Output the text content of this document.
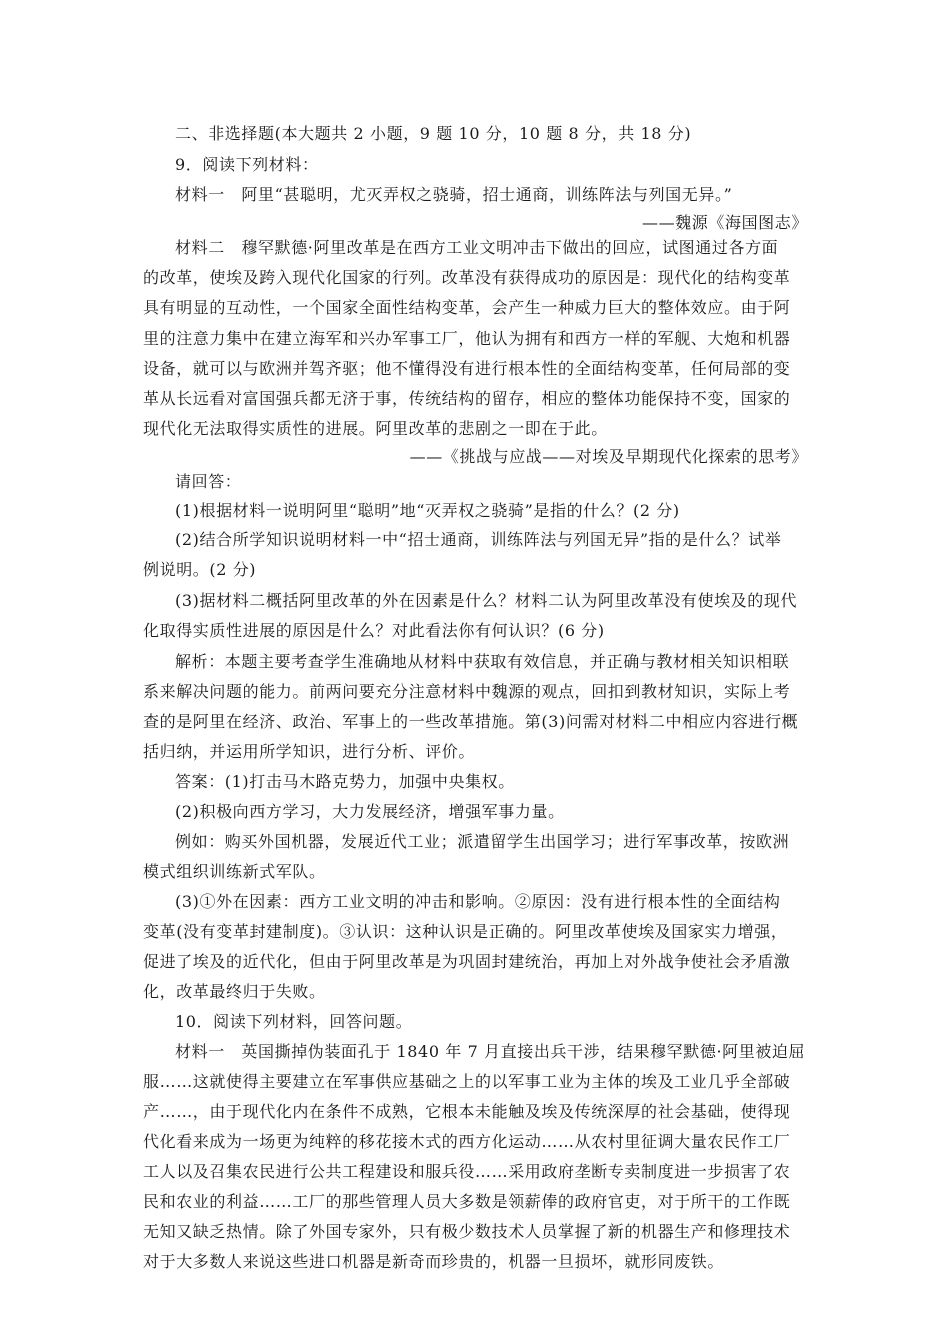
二、非选择题(本大题共 2 小题，9 题 10 分，10 题 8 分，共 18 分)
9．阅读下列材料：
材料一　阿里“甚聪明，尤灭弄权之骁骑，招士通商，训练阵法与列国无异。”
——魏源《海国图志》
材料二　穆罕默德·阿里改革是在西方工业文明冲击下做出的回应，试图通过各方面
的改革，使埃及跨入现代化国家的行列。改革没有获得成功的原因是：现代化的结构变革
具有明显的互动性，一个国家全面性结构变革，会产生一种威力巨大的整体效应。由于阿
里的注意力集中在建立海军和兴办军事工厂，他认为拥有和西方一样的军舰、大炮和机器
设备，就可以与欧洲并驾齐驱；他不懂得没有进行根本性的全面结构变革，任何局部的变
革从长远看对富国强兵都无济于事，传统结构的留存，相应的整体功能保持不变，国家的
现代化无法取得实质性的进展。阿里改革的悲剧之一即在于此。
——《挑战与应战——对埃及早期现代化探索的思考》
请回答：
(1)根据材料一说明阿里“聪明”地“灭弄权之骁骑”是指的什么？(2 分)
(2)结合所学知识说明材料一中“招士通商，训练阵法与列国无异”指的是什么？试举
例说明。(2 分)
(3)据材料二概括阿里改革的外在因素是什么？材料二认为阿里改革没有使埃及的现代
化取得实质性进展的原因是什么？对此看法你有何认识？(6 分)
解析：本题主要考查学生准确地从材料中获取有效信息，并正确与教材相关知识相联
系来解决问题的能力。前两问要充分注意材料中魏源的观点，回扣到教材知识，实际上考
查的是阿里在经济、政治、军事上的一些改革措施。第(3)问需对材料二中相应内容进行概
括归纳，并运用所学知识，进行分析、评价。
答案：(1)打击马木路克势力，加强中央集权。
(2)积极向西方学习，大力发展经济，增强军事力量。
例如：购买外国机器，发展近代工业；派遣留学生出国学习；进行军事改革，按欧洲
模式组织训练新式军队。
(3)①外在因素：西方工业文明的冲击和影响。②原因：没有进行根本性的全面结构
变革(没有变革封建制度)。③认识：这种认识是正确的。阿里改革使埃及国家实力增强，
促进了埃及的近代化，但由于阿里改革是为巩固封建统治，再加上对外战争使社会矛盾激
化，改革最终归于失败。
10．阅读下列材料，回答问题。
材料一　英国撕掉伪装面孔于 1840 年 7 月直接出兵干涉，结果穆罕默德·阿里被迫屈
服……这就使得主要建立在军事供应基础之上的以军事工业为主体的埃及工业几乎全部破
产……，由于现代化内在条件不成熟，它根本未能触及埃及传统深厚的社会基础，使得现
代化看来成为一场更为纯粹的移花接木式的西方化运动……从农村里征调大量农民作工厂
工人以及召集农民进行公共工程建设和服兵役……采用政府垄断专卖制度进一步损害了农
民和农业的利益……工厂的那些管理人员大多数是领薪俸的政府官吏，对于所干的工作既
无知又缺乏热情。除了外国专家外，只有极少数技术人员掌握了新的机器生产和修理技术
对于大多数人来说这些进口机器是新奇而珍贵的，机器一旦损坏，就形同废铁。
